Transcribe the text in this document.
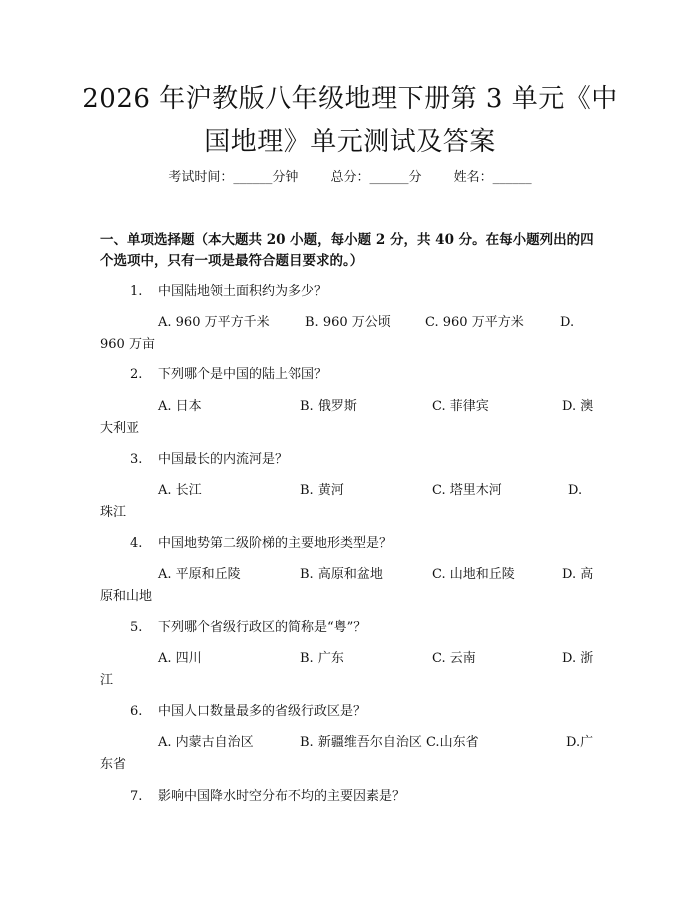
2026 年沪教版八年级地理下册第 3 单元《中
国地理》单元测试及答案
考试时间：______分钟 总分：______分 姓名：______
一、单项选择题（本大题共 20 小题，每小题 2 分，共 40 分。在每小题列出的四
个选项中，只有一项是最符合题目要求的。）
1. 中国陆地领土面积约为多少？
A. 960 万平方千米	B. 960 万公顷	C. 960 万平方米	D.
960 万亩
2. 下列哪个是中国的陆上邻国？
A. 日本	B. 俄罗斯	C. 菲律宾	D. 澳
大利亚
3. 中国最长的内流河是？
A. 长江	B. 黄河	C. 塔里木河	D.
珠江
4. 中国地势第二级阶梯的主要地形类型是？
A. 平原和丘陵	B. 高原和盆地	C. 山地和丘陵	D. 高
原和山地
5. 下列哪个省级行政区的简称是“粤”？
A. 四川	B. 广东	C. 云南	D. 浙
江
6. 中国人口数量最多的省级行政区是？
A. 内蒙古自治区	B. 新疆维吾尔自治区 C.山东省	D.广
东省
7. 影响中国降水时空分布不均的主要因素是？
